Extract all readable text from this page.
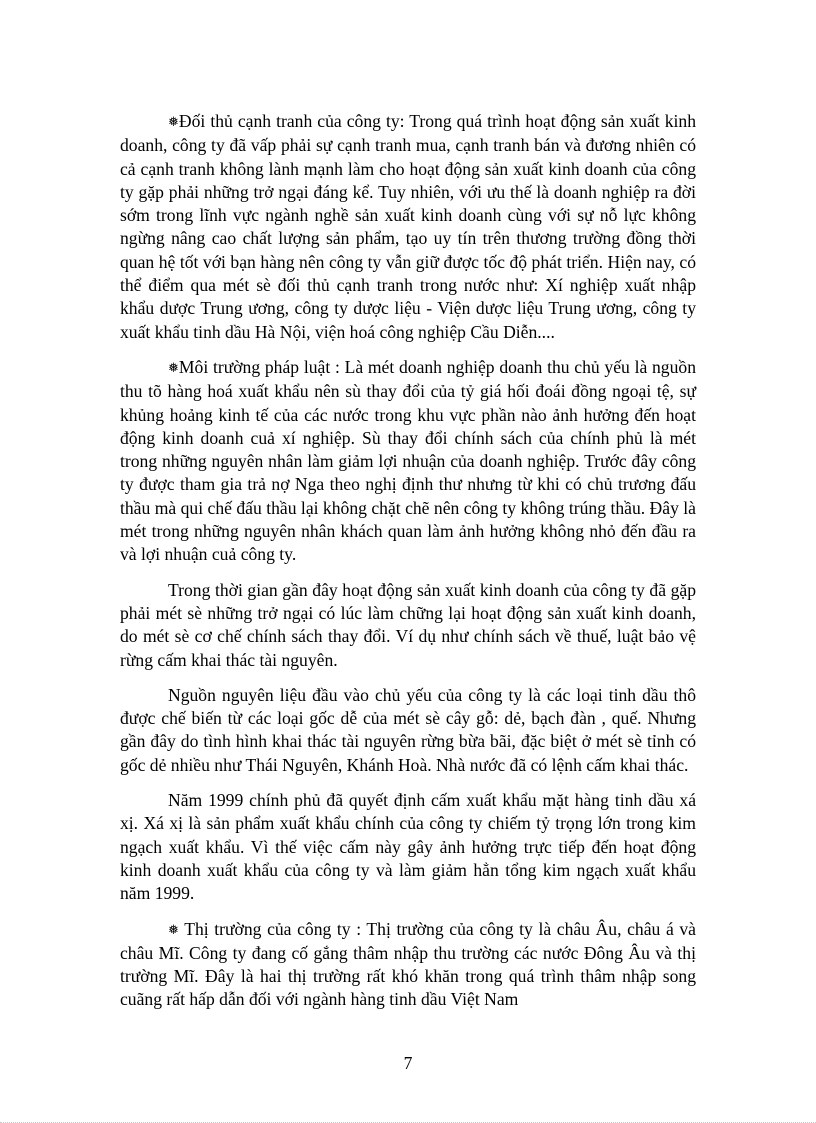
❅Đối thủ cạnh tranh của công ty: Trong quá trình hoạt động sản xuất kinh doanh, công ty đã vấp phải sự cạnh tranh mua, cạnh tranh bán và đương nhiên có cả cạnh tranh không lành mạnh làm cho hoạt động sản xuất kinh doanh của công ty gặp phải những trở ngại đáng kể. Tuy nhiên, với ưu thế là doanh nghiệp ra đời sớm trong lĩnh vực ngành nghề sản xuất kinh doanh cùng với sự nỗ lực không ngừng nâng cao chất lượng sản phẩm, tạo uy tín trên thương trường đồng thời quan hệ tốt với bạn hàng nên công ty vẫn giữ được tốc độ phát triển. Hiện nay, có thể điểm qua mét sè đối thủ cạnh tranh trong nước như: Xí nghiệp xuất nhập khẩu dược Trung ương, công ty dược liệu - Viện dược liệu Trung ương, công ty xuất khẩu tinh dầu Hà Nội, viện hoá công nghiệp Cầu Diễn....

❅Môi trường pháp luật : Là mét doanh nghiệp doanh thu chủ yếu là nguồn thu tõ hàng hoá xuất khẩu nên sù thay đổi của tỷ giá hối đoái đồng ngoại tệ, sự khủng hoảng kinh tế của các nước trong khu vực phần nào ảnh hưởng đến hoạt động kinh doanh cuả xí nghiệp. Sù thay đổi chính sách của chính phủ là mét trong những nguyên nhân làm giảm lợi nhuận của doanh nghiệp. Trước đây công ty được tham gia trả nợ Nga theo nghị định thư nhưng từ khi có chủ trương đấu thầu mà qui chế đấu thầu lại không chặt chẽ nên công ty không trúng thầu. Đây là mét trong những nguyên nhân khách quan làm ảnh hưởng không nhỏ đến đầu ra và lợi nhuận cuả công ty.

Trong thời gian gần đây hoạt động sản xuất kinh doanh của công ty đã gặp phải mét sè những trở ngại có lúc làm chững lại hoạt động sản xuất kinh doanh, do mét sè cơ chế chính sách thay đổi. Ví dụ như chính sách về thuế, luật bảo vệ rừng cấm khai thác tài nguyên.

Nguồn nguyên liệu đầu vào chủ yếu của công ty là các loại tinh dầu thô được chế biến từ các loại gốc dễ của mét sè cây gỗ: dẻ, bạch đàn , quế. Nhưng gần đây do tình hình khai thác tài nguyên rừng bừa bãi, đặc biệt ở mét sè tỉnh có gốc dẻ nhiều như Thái Nguyên, Khánh Hoà. Nhà nước đã có lệnh cấm khai thác.

Năm 1999 chính phủ đã quyết định cấm xuất khẩu mặt hàng tinh dầu xá xị. Xá xị là sản phẩm xuất khẩu chính của công ty chiếm tỷ trọng lớn trong kim ngạch xuất khẩu. Vì thế việc cấm này gây ảnh hưởng trực tiếp đến hoạt động kinh doanh xuất khẩu của công ty và làm giảm hẳn tổng kim ngạch xuất khẩu năm 1999.

❅ Thị trường của công ty : Thị trường của công ty là châu Âu, châu á và châu Mĩ. Công ty đang cố gắng thâm nhập thu trường các nước Đông Âu và thị trường Mĩ. Đây là hai thị trường rất khó khăn trong quá trình thâm nhập song cuãng rất hấp dẫn đối với ngành hàng tinh dầu Việt Nam

7
